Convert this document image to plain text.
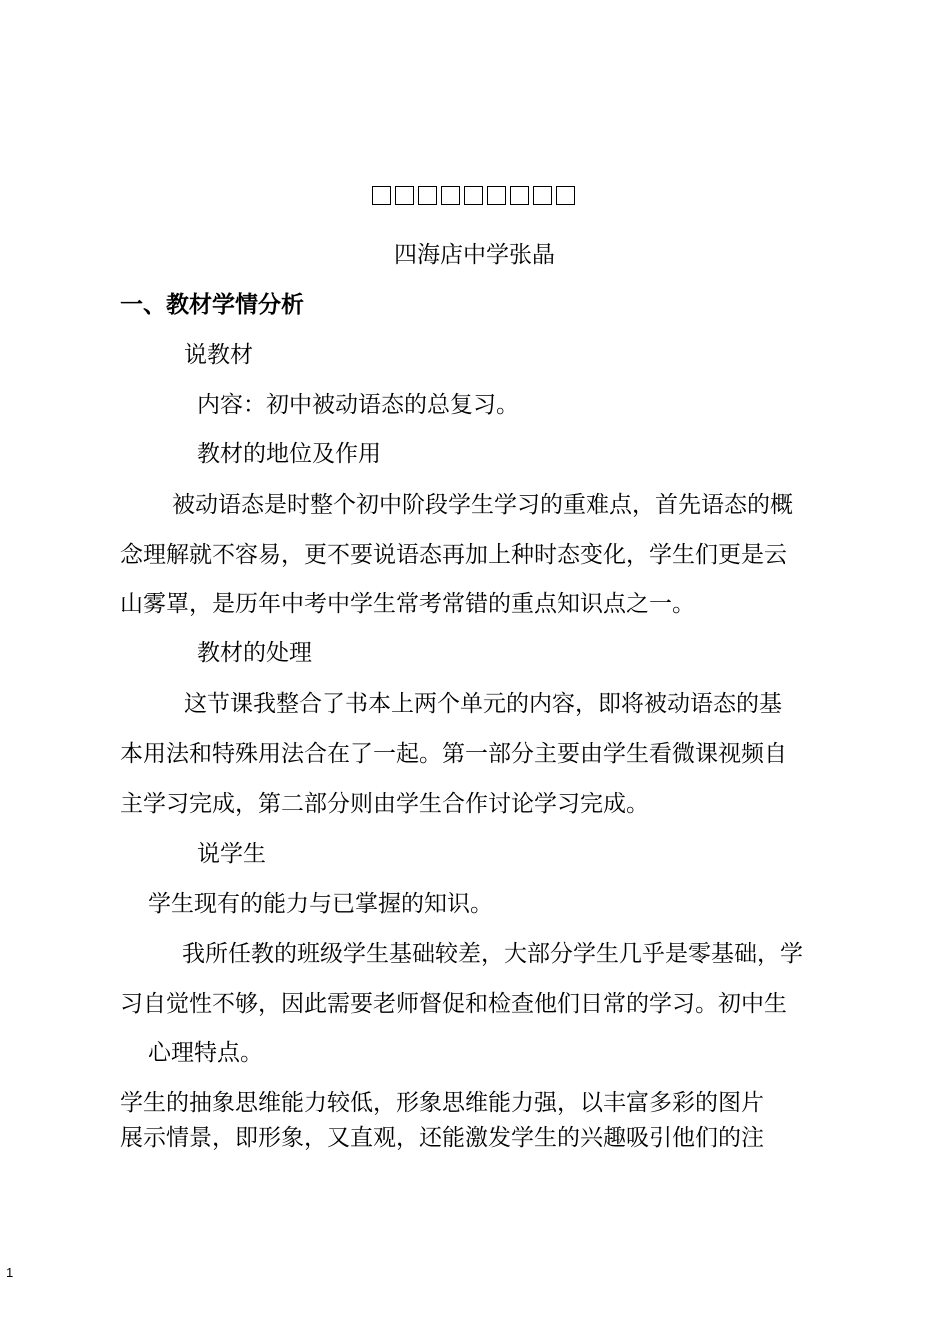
四海店中学张晶
一、教材学情分析
说教材
内容：初中被动语态的总复习。
教材的地位及作用
被动语态是时整个初中阶段学生学习的重难点，首先语态的概
念理解就不容易，更不要说语态再加上种时态变化，学生们更是云
山雾罩，是历年中考中学生常考常错的重点知识点之一。
教材的处理
这节课我整合了书本上两个单元的内容，即将被动语态的基
本用法和特殊用法合在了一起。第一部分主要由学生看微课视频自
主学习完成，第二部分则由学生合作讨论学习完成。
说学生
学生现有的能力与已掌握的知识。
我所任教的班级学生基础较差，大部分学生几乎是零基础，学
习自觉性不够，因此需要老师督促和检查他们日常的学习。初中生
心理特点。
学生的抽象思维能力较低，形象思维能力强，以丰富多彩的图片
展示情景，即形象，又直观，还能激发学生的兴趣吸引他们的注
1
